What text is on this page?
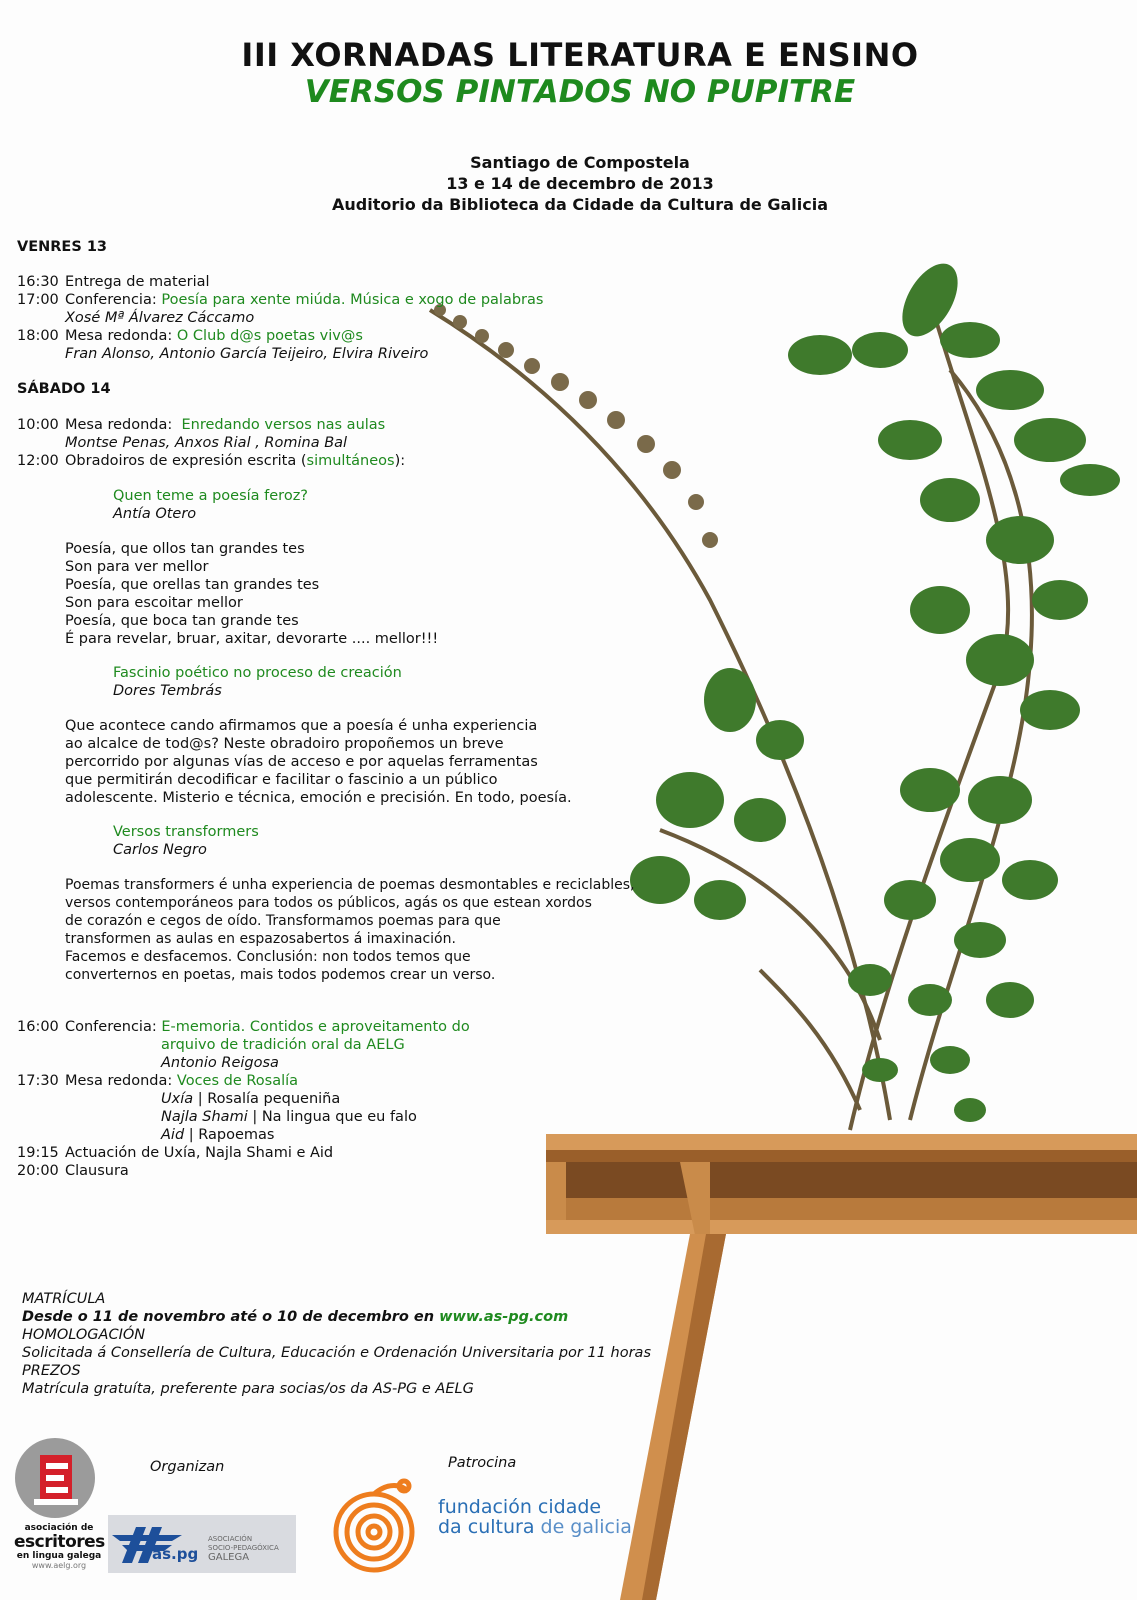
III XORNADAS LITERATURA E ENSINO
VERSOS PINTADOS NO PUPITRE
Santiago de Compostela
13 e 14 de decembro de 2013
Auditorio da Biblioteca da Cidade da Cultura de Galicia
VENRES 13
16:30 Entrega de material
17:00 Conferencia: Poesía para xente miúda. Música e xogo de palabras
Xosé Mª Álvarez Cáccamo
18:00 Mesa redonda: O Club d@s poetas viv@s
Fran Alonso, Antonio García Teijeiro, Elvira Riveiro
SÁBADO 14
10:00 Mesa redonda: Enredando versos nas aulas
Montse Penas, Anxos Rial , Romina Bal
12:00 Obradoiros de expresión escrita (simultáneos):
Quen teme a poesía feroz?
Antía Otero
Poesía, que ollos tan grandes tes
Son para ver mellor
Poesía, que orellas tan grandes tes
Son para escoitar mellor
Poesía, que boca tan grande tes
É para revelar, bruar, axitar, devorarte .... mellor!!!
Fascinio poético no proceso de creación
Dores Tembrás
Que acontece cando afirmamos que a poesía é unha experiencia
ao alcalce de tod@s? Neste obradoiro propoñemos un breve
percorrido por algunas vías de acceso e por aquelas ferramentas
que permitirán decodificar e facilitar o fascinio a un público
adolescente. Misterio e técnica, emoción e precisión. En todo, poesía.
Versos transformers
Carlos Negro
Poemas transformers é unha experiencia de poemas desmontables e reciclables,
versos contemporáneos para todos os públicos, agás os que estean xordos
de corazón e cegos de oído. Transformamos poemas para que
transformen as aulas en espazosabertos á imaxinación.
Facemos e desfacemos. Conclusión: non todos temos que
converternos en poetas, mais todos podemos crear un verso.
16:00 Conferencia: E-memoria. Contidos e aproveitamento do
arquivo de tradición oral da AELG
Antonio Reigosa
17:30 Mesa redonda: Voces de Rosalía
Uxía | Rosalía pequeniña
Najla Shami | Na lingua que eu falo
Aid | Rapoemas
19:15 Actuación de Uxía, Najla Shami e Aid
20:00 Clausura
MATRÍCULA
Desde o 11 de novembro até o 10 de decembro en www.as-pg.com
HOMOLOGACIÓN
Solicitada á Consellería de Cultura, Educación e Ordenación Universitaria por 11 horas
PREZOS
Matrícula gratuíta, preferente para socias/os da AS-PG e AELG
Organizan	Patrocina
asociación de
escritores
en lingua galega
www.aelg.org
as.pg
ASOCIACIÓN
SOCIO-PEDAGÓXICA
GALEGA
fundación cidade
da cultura de galicia
